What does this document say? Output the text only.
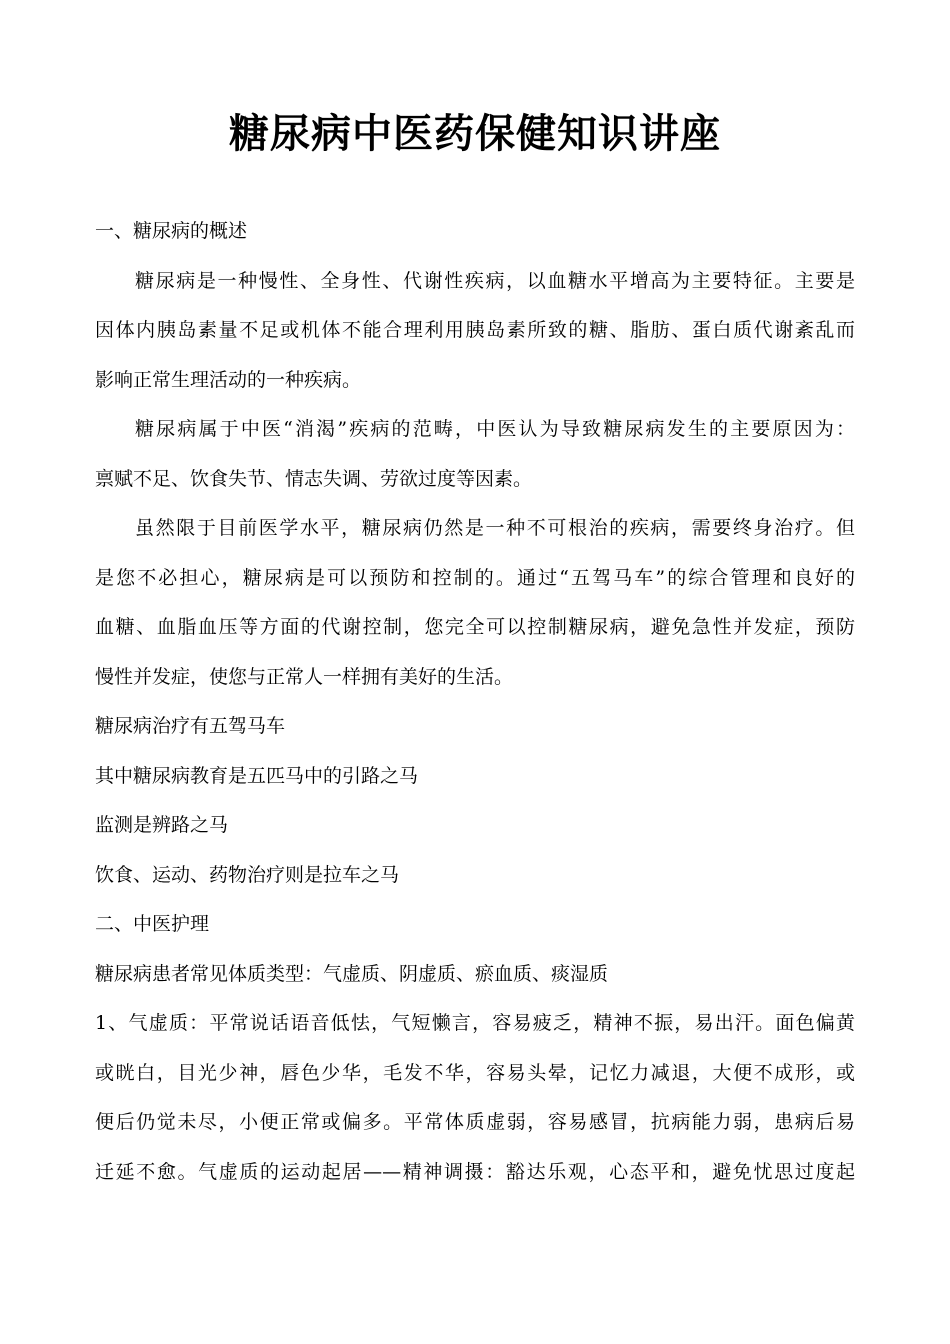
糖尿病中医药保健知识讲座

一、糖尿病的概述

糖尿病是一种慢性、全身性、代谢性疾病，以血糖水平增高为主要特征。主要是

因体内胰岛素量不足或机体不能合理利用胰岛素所致的糖、脂肪、蛋白质代谢紊乱而

影响正常生理活动的一种疾病。

糖尿病属于中医“消渴”疾病的范畴，中医认为导致糖尿病发生的主要原因为：

禀赋不足、饮食失节、情志失调、劳欲过度等因素。

虽然限于目前医学水平，糖尿病仍然是一种不可根治的疾病，需要终身治疗。但

是您不必担心，糖尿病是可以预防和控制的。通过“五驾马车”的综合管理和良好的

血糖、血脂血压等方面的代谢控制，您完全可以控制糖尿病，避免急性并发症，预防

慢性并发症，使您与正常人一样拥有美好的生活。

糖尿病治疗有五驾马车

其中糖尿病教育是五匹马中的引路之马

监测是辨路之马

饮食、运动、药物治疗则是拉车之马

二、中医护理

糖尿病患者常见体质类型：气虚质、阴虚质、瘀血质、痰湿质

1、气虚质：平常说话语音低怯，气短懒言，容易疲乏，精神不振，易出汗。面色偏黄

或晄白，目光少神，唇色少华，毛发不华，容易头晕，记忆力减退，大便不成形，或

便后仍觉未尽，小便正常或偏多。平常体质虚弱，容易感冒，抗病能力弱，患病后易

迁延不愈。气虚质的运动起居——精神调摄：豁达乐观，心态平和，避免忧思过度起
